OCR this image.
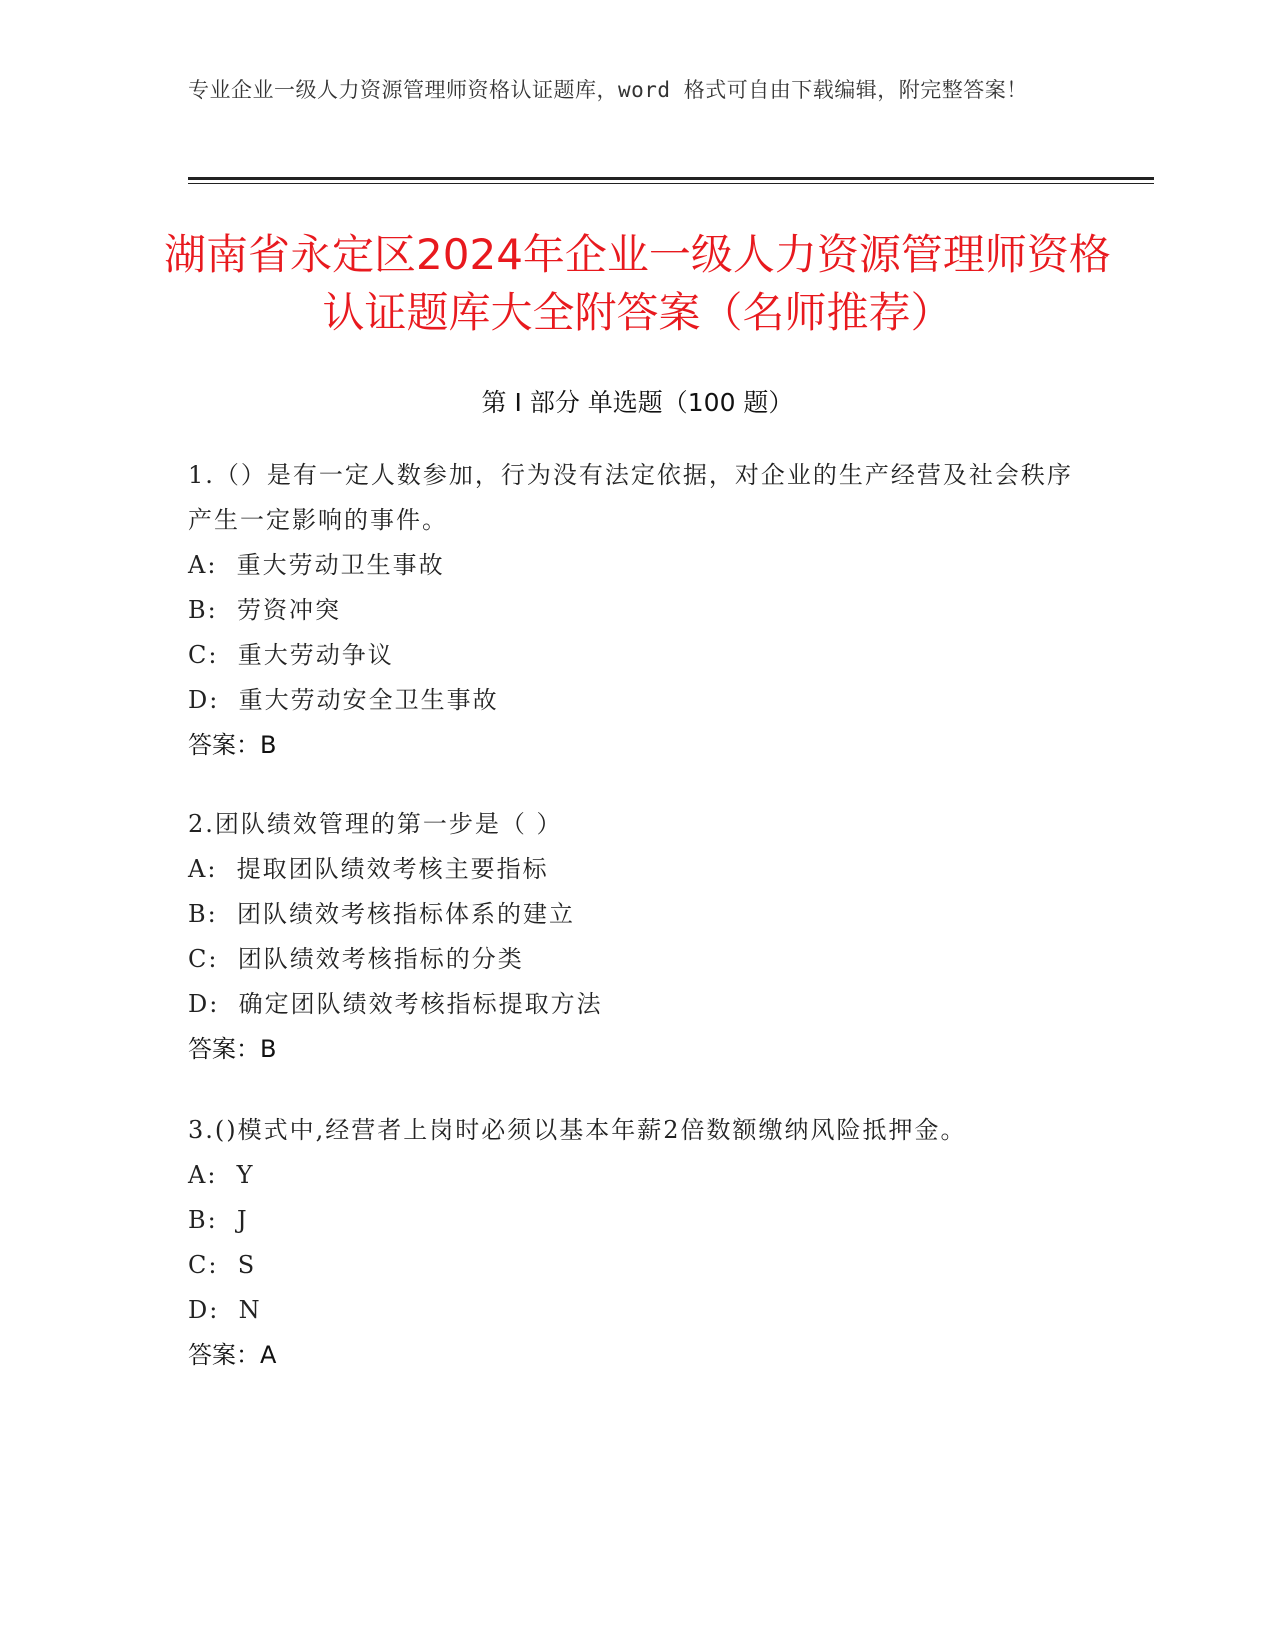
专业企业一级人力资源管理师资格认证题库，word 格式可自由下载编辑，附完整答案！
湖南省永定区2024年企业一级人力资源管理师资格认证题库大全附答案（名师推荐）
第 I 部分 单选题（100 题）

1.（）是有一定人数参加，行为没有法定依据，对企业的生产经营及社会秩序产生一定影响的事件。

A:  重大劳动卫生事故

B:  劳资冲突

C:  重大劳动争议

D:  重大劳动安全卫生事故

答案：B

2.团队绩效管理的第一步是（ ）

A:  提取团队绩效考核主要指标

B:  团队绩效考核指标体系的建立

C:  团队绩效考核指标的分类

D:  确定团队绩效考核指标提取方法

答案：B

3.()模式中,经营者上岗时必须以基本年薪2倍数额缴纳风险抵押金。

A:  Y

B:  J

C:  S

D:  N

答案：A
